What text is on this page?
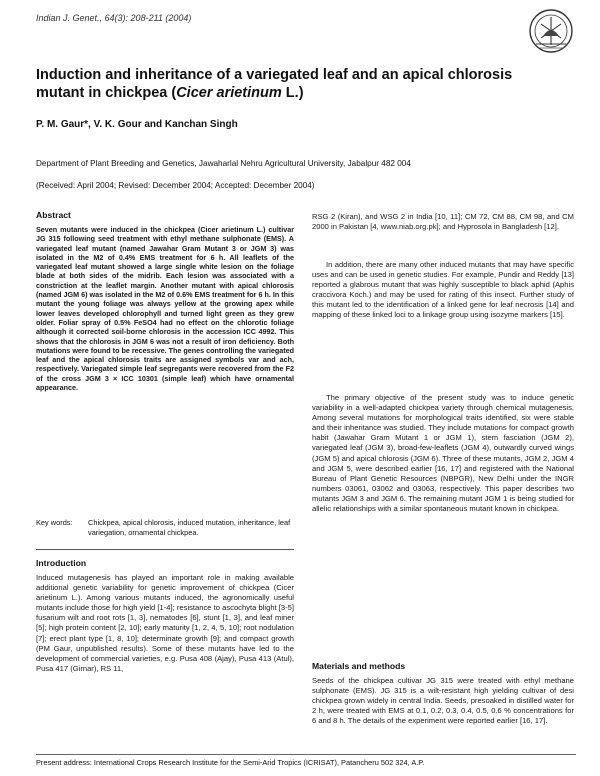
Indian J. Genet., 64(3): 208-211 (2004)
Induction and inheritance of a variegated leaf and an apical chlorosis mutant in chickpea (Cicer arietinum L.)
P. M. Gaur*, V. K. Gour and Kanchan Singh
Department of Plant Breeding and Genetics, Jawaharlal Nehru Agricultural University, Jabalpur 482 004
(Received: April 2004; Revised: December 2004; Accepted: December 2004)
Abstract

Seven mutants were induced in the chickpea (Cicer arietinum L.) cultivar JG 315 following seed treatment with ethyl methane sulphonate (EMS). A variegated leaf mutant (named Jawahar Gram Mutant 3 or JGM 3) was isolated in the M2 of 0.4% EMS treatment for 6 h. All leaflets of the variegated leaf mutant showed a large single white lesion on the foliage blade at both sides of the midrib. Each lesion was associated with a constriction at the leaflet margin. Another mutant with apical chlorosis (named JGM 6) was isolated in the M2 of 0.6% EMS treatment for 6 h. In this mutant the young foliage was always yellow at the growing apex while lower leaves developed chlorophyll and turned light green as they grew older. Foliar spray of 0.5% FeSO4 had no effect on the chlorotic foliage although it corrected soil-borne chlorosis in the accession ICC 4992. This shows that the chlorosis in JGM 6 was not a result of iron deficiency. Both mutations were found to be recessive. The genes controlling the variegated leaf and the apical chlorosis traits are assigned symbols var and ach, respectively. Variegated simple leaf segregants were recovered from the F2 of the cross JGM 3 × ICC 10301 (simple leaf) which have ornamental appearance.

Key words:	Chickpea, apical chlorosis, induced mutation, inheritance, leaf variegation, ornamental chickpea.
Introduction

Induced mutagenesis has played an important role in making available additional genetic variability for genetic improvement of chickpea (Cicer arietinum L.). Among various mutants induced, the agronomically useful mutants include those for high yield [1-4]; resistance to ascochyta blight [3-5] fusarium wilt and root rots [1, 3], nematodes [6], stunt [1, 3], and leaf miner [5]; high protein content [2, 10]; early maturity [1, 2, 4, 5, 10]; root nodulation [7]; erect plant type [1, 8, 10]; determinate growth [9]; and compact growth (PM Gaur, unpublished results). Some of these mutants have led to the development of commercial varieties, e.g. Pusa 408 (Ajay), Pusa 413 (Atul), Pusa 417 (Girnar), RS 11,

RSG 2 (Kiran), and WSG 2 in India [10, 11]; CM 72, CM 88, CM 98, and CM 2000 in Pakistan [4, www.niab.org.pk]; and Hyprosola in Bangladesh [12].

In addition, there are many other induced mutants that may have specific uses and can be used in genetic studies. For example, Pundir and Reddy [13] reported a glabrous mutant that was highly susceptible to black aphid (Aphis craccivora Koch.) and may be used for rating of this insect. Further study of this mutant led to the identification of a linked gene for leaf necrosis [14] and mapping of these linked loci to a linkage group using isozyme markers [15].

The primary objective of the present study was to induce genetic variability in a well-adapted chickpea variety through chemical mutagenesis. Among several mutations for morphological traits identified, six were stable and their inheritance was studied. They include mutations for compact growth habit (Jawahar Gram Mutant 1 or JGM 1), stem fasciation (JGM 2), variegated leaf (JGM 3), broad-few-leaflets (JGM 4), outwardly curved wings (JGM 5) and apical chlorosis (JGM 6). Three of these mutants, JGM 2, JGM 4 and JGM 5, were described earlier [16, 17] and registered with the National Bureau of Plant Genetic Resources (NBPGR), New Delhi under the INGR numbers 03061, 03062 and 03063, respectively. This paper describes two mutants JGM 3 and JGM 6. The remaining mutant JGM 1 is being studied for allelic relationships with a similar spontaneous mutant known in chickpea.

Materials and methods

Seeds of the chickpea cultivar JG 315 were treated with ethyl methane sulphonate (EMS). JG 315 is a wilt-resistant high yielding cultivar of desi chickpea grown widely in central India. Seeds, presoaked in distilled water for 2 h, were treated with EMS at 0.1, 0.2, 0.3, 0.4, 0.5, 0.6 % concentrations for 6 and 8 h. The details of the experiment were reported earlier [16, 17].

Present address: International Crops Research Institute for the Semi-Arid Tropics (ICRISAT), Patancheru 502 324, A.P.
